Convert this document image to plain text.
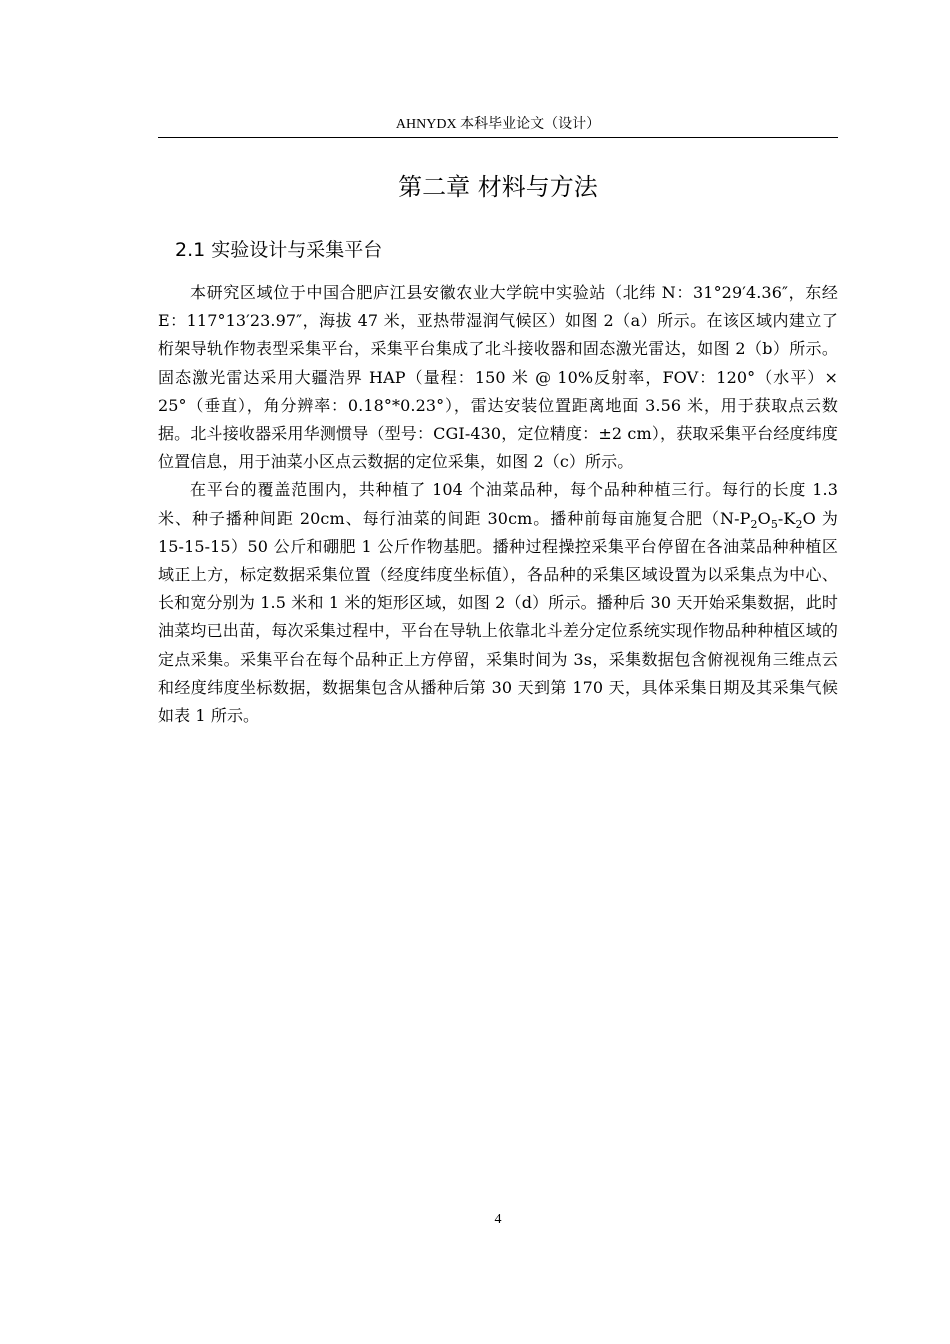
AHNYDX 本科毕业论文（设计）
第二章 材料与方法
2.1 实验设计与采集平台

本研究区域位于中国合肥庐江县安徽农业大学皖中实验站（北纬 N：31°29′4.36″，东经 E：117°13′23.97″，海拔 47 米，亚热带湿润气候区）如图 2（a）所示。在该区域内建立了桁架导轨作物表型采集平台，采集平台集成了北斗接收器和固态激光雷达，如图 2（b）所示。固态激光雷达采用大疆浩界 HAP（量程：150 米 @ 10%反射率，FOV：120°（水平）× 25°（垂直），角分辨率：0.18°*0.23°），雷达安装位置距离地面 3.56 米，用于获取点云数据。北斗接收器采用华测惯导（型号：CGI-430，定位精度：±2 cm），获取采集平台经度纬度位置信息，用于油菜小区点云数据的定位采集，如图 2（c）所示。

在平台的覆盖范围内，共种植了 104 个油菜品种，每个品种种植三行。每行的长度 1.3 米、种子播种间距 20cm、每行油菜的间距 30cm。播种前每亩施复合肥（$N-P_2O_5-K_2O$ 为 15-15-15）50 公斤和硼肥 1 公斤作物基肥。播种过程操控采集平台停留在各油菜品种种植区域正上方，标定数据采集位置（经度纬度坐标值），各品种的采集区域设置为以采集点为中心、长和宽分别为 1.5 米和 1 米的矩形区域，如图 2（d）所示。播种后 30 天开始采集数据，此时油菜均已出苗，每次采集过程中，平台在导轨上依靠北斗差分定位系统实现作物品种种植区域的定点采集。采集平台在每个品种正上方停留，采集时间为 3s，采集数据包含俯视视角三维点云和经度纬度坐标数据，数据集包含从播种后第 30 天到第 170 天，具体采集日期及其采集气候如表 1 所示。

4
